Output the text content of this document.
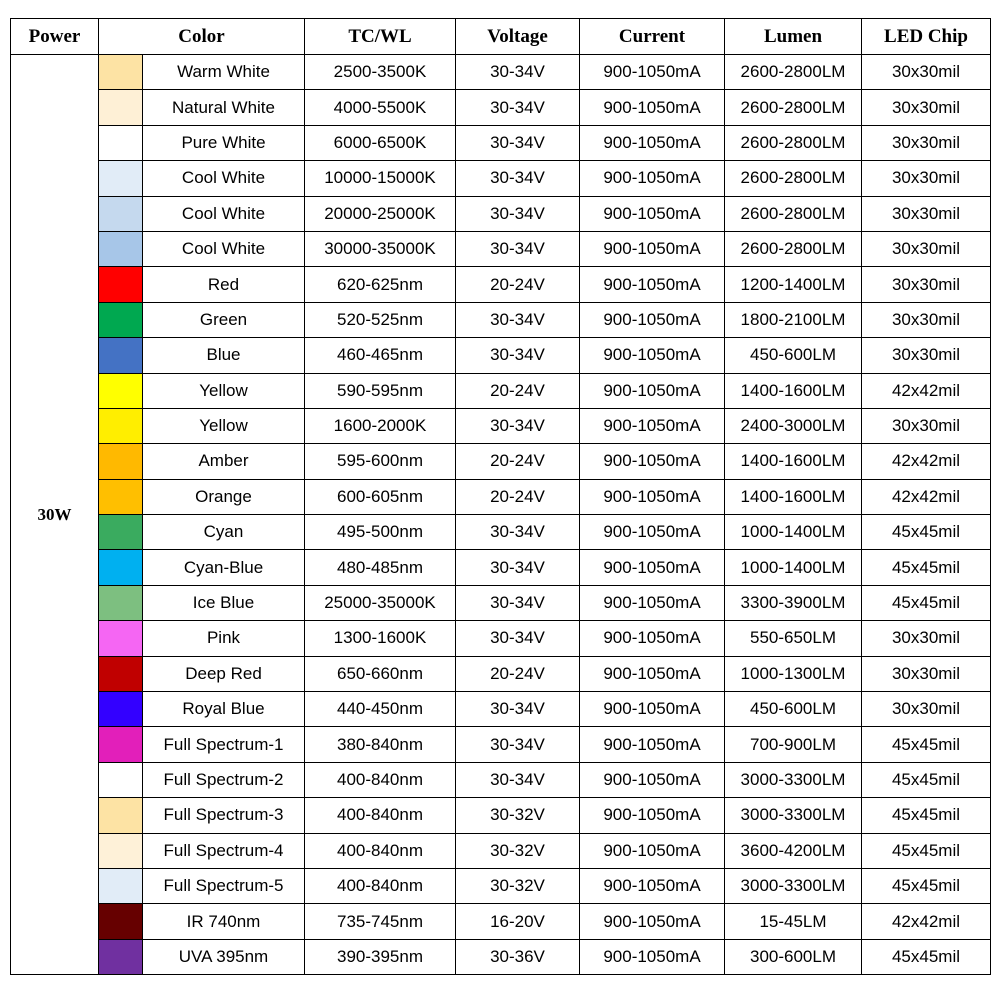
Power	Color		TC/WL	Voltage	Current	Lumen	LED Chip
30W		Warm White	2500-3500K	30-34V	900-1050mA	2600-2800LM	30x30mil

		Natural White	4000-5500K	30-34V	900-1050mA	2600-2800LM	30x30mil

		Pure White	6000-6500K	30-34V	900-1050mA	2600-2800LM	30x30mil

		Cool White	10000-15000K	30-34V	900-1050mA	2600-2800LM	30x30mil

		Cool White	20000-25000K	30-34V	900-1050mA	2600-2800LM	30x30mil

		Cool White	30000-35000K	30-34V	900-1050mA	2600-2800LM	30x30mil

		Red	620-625nm	20-24V	900-1050mA	1200-1400LM	30x30mil

		Green	520-525nm	30-34V	900-1050mA	1800-2100LM	30x30mil

		Blue	460-465nm	30-34V	900-1050mA	450-600LM	30x30mil

		Yellow	590-595nm	20-24V	900-1050mA	1400-1600LM	42x42mil

		Yellow	1600-2000K	30-34V	900-1050mA	2400-3000LM	30x30mil

		Amber	595-600nm	20-24V	900-1050mA	1400-1600LM	42x42mil

		Orange	600-605nm	20-24V	900-1050mA	1400-1600LM	42x42mil

		Cyan	495-500nm	30-34V	900-1050mA	1000-1400LM	45x45mil

		Cyan-Blue	480-485nm	30-34V	900-1050mA	1000-1400LM	45x45mil

		Ice Blue	25000-35000K	30-34V	900-1050mA	3300-3900LM	45x45mil

		Pink	1300-1600K	30-34V	900-1050mA	550-650LM	30x30mil

		Deep Red	650-660nm	20-24V	900-1050mA	1000-1300LM	30x30mil

		Royal Blue	440-450nm	30-34V	900-1050mA	450-600LM	30x30mil

		Full Spectrum-1	380-840nm	30-34V	900-1050mA	700-900LM	45x45mil

		Full Spectrum-2	400-840nm	30-34V	900-1050mA	3000-3300LM	45x45mil

		Full Spectrum-3	400-840nm	30-32V	900-1050mA	3000-3300LM	45x45mil

		Full Spectrum-4	400-840nm	30-32V	900-1050mA	3600-4200LM	45x45mil

		Full Spectrum-5	400-840nm	30-32V	900-1050mA	3000-3300LM	45x45mil

		IR 740nm	735-745nm	16-20V	900-1050mA	15-45LM	42x42mil

		UVA 395nm	390-395nm	30-36V	900-1050mA	300-600LM	45x45mil
